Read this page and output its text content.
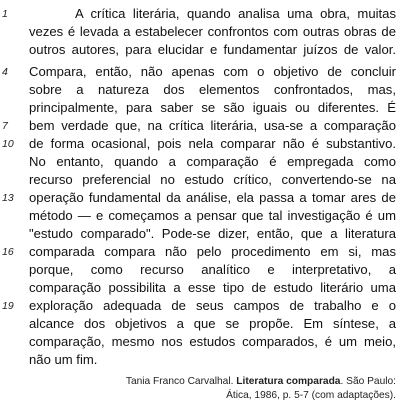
1
4
7
10
13
16
19
A crítica literária, quando analisa uma obra, muitas
vezes é levada a estabelecer confrontos com outras obras de
outros autores, para elucidar e fundamentar juízos de valor.
Compara, então, não apenas com o objetivo de concluir
sobre a natureza dos elementos confrontados, mas,
principalmente, para saber se são iguais ou diferentes. É
bem verdade que, na crítica literária, usa-se a comparação
de forma ocasional, pois nela comparar não é substantivo.
No entanto, quando a comparação é empregada como
recurso preferencial no estudo crítico, convertendo-se na
operação fundamental da análise, ela passa a tomar ares de
método — e começamos a pensar que tal investigação é um
"estudo comparado". Pode-se dizer, então, que a literatura
comparada compara não pelo procedimento em si, mas
porque, como recurso analítico e interpretativo, a
comparação possibilita a esse tipo de estudo literário uma
exploração adequada de seus campos de trabalho e o
alcance dos objetivos a que se propõe. Em síntese, a
comparação, mesmo nos estudos comparados, é um meio,
não um fim.
Tania Franco Carvalhal. Literatura comparada. São Paulo:
Ática, 1986, p. 5-7 (com adaptações).
